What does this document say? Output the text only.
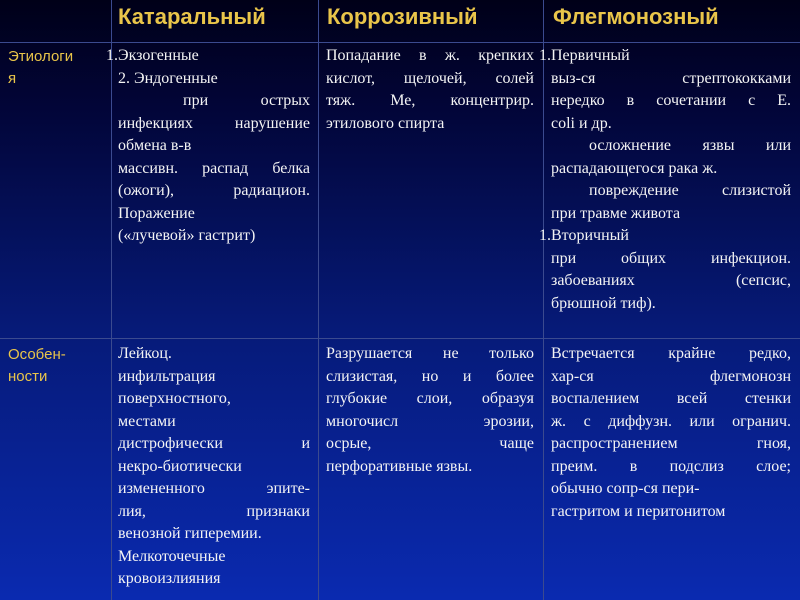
Катаральный	Коррозивный	Флегмонозный
Этиологи
я

1. Экзогенные

2. Эндогенные

при острых

инфекциях нарушение

обмена в-в

массивн. распад белка

(ожоги), радиацион.

Поражение

(«лучевой» гастрит)

Попадание в ж. крепких

кислот, щелочей, солей

тяж. Ме, концентрир.

этилового спирта

1. Первичный

выз-ся стрептококками

нередко в сочетании с Е.

coli и др.

осложнение язвы или

распадающегося рака ж.

повреждение слизистой

при травме живота

1. Вторичный

при общих инфекцион.

забоеваниях (сепсис,

брюшной тиф).

Особен-
ности

Лейкоц.

инфильтрация

поверхностного,

местами

дистрофически и

некро-биотически

измененного эпите-

лия, признаки

венозной гиперемии.

Мелкоточечные

кровоизлияния

Разрушается не только

слизистая, но и более

глубокие слои, образуя

многочисл эрозии,

осрые, чаще

перфоративные язвы.

Встречается крайне редко,

хар-ся флегмонозн

воспалением всей стенки

ж. с диффузн. или огранич.

распространением гноя,

преим. в подслиз слое;

обычно сопр-ся пери-

гастритом и перитонитом
